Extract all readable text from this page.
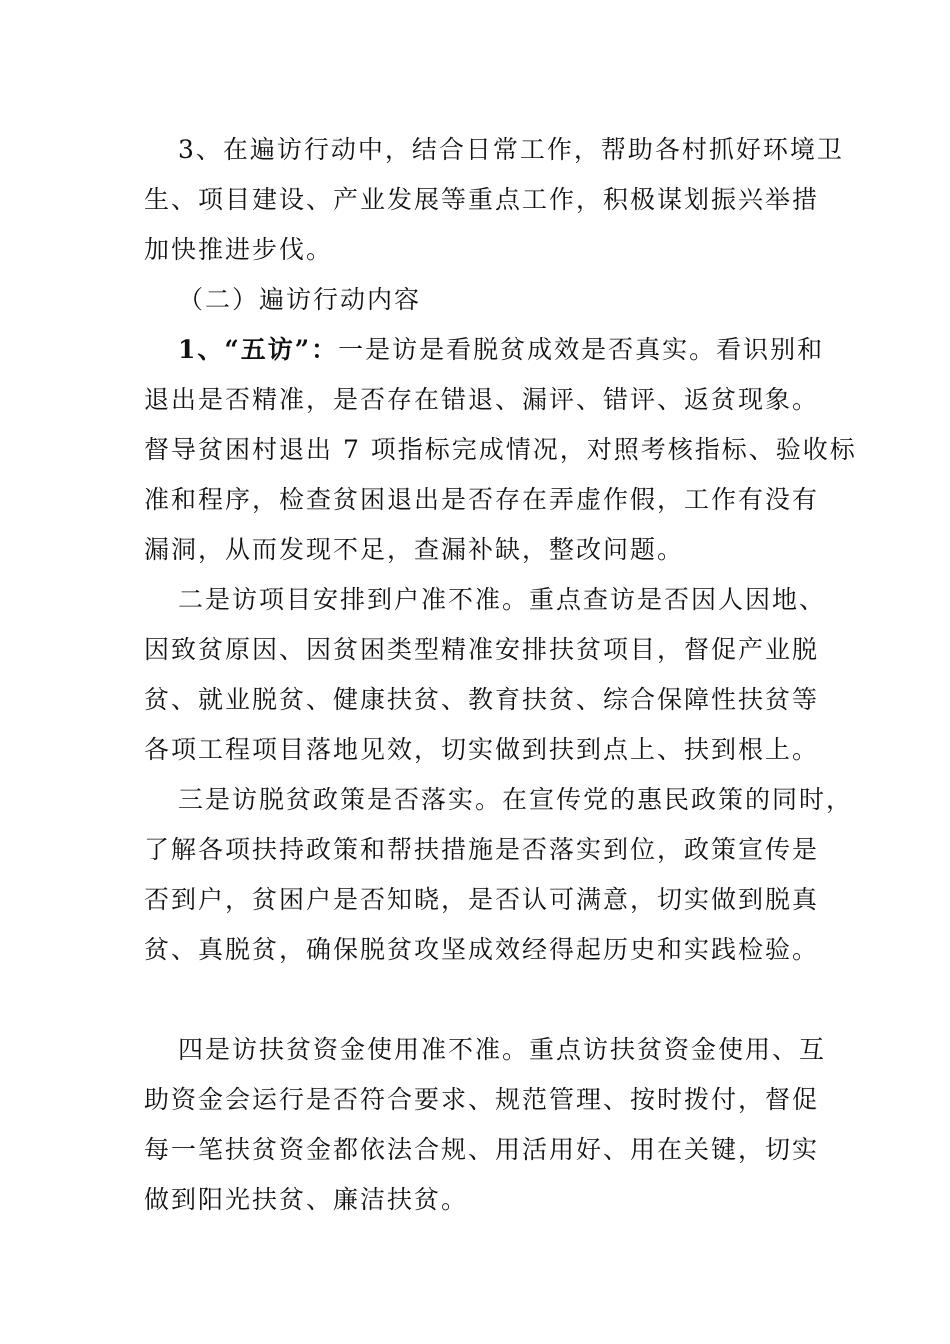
3、在遍访行动中，结合日常工作，帮助各村抓好环境卫
生、项目建设、产业发展等重点工作，积极谋划振兴举措
加快推进步伐。
（二）遍访行动内容
1、“五访”：一是访是看脱贫成效是否真实。看识别和
退出是否精准，是否存在错退、漏评、错评、返贫现象。
督导贫困村退出 7 项指标完成情况，对照考核指标、验收标
准和程序，检查贫困退出是否存在弄虚作假，工作有没有
漏洞，从而发现不足，查漏补缺，整改问题。
二是访项目安排到户准不准。重点查访是否因人因地、
因致贫原因、因贫困类型精准安排扶贫项目，督促产业脱
贫、就业脱贫、健康扶贫、教育扶贫、综合保障性扶贫等
各项工程项目落地见效，切实做到扶到点上、扶到根上。
三是访脱贫政策是否落实。在宣传党的惠民政策的同时，
了解各项扶持政策和帮扶措施是否落实到位，政策宣传是
否到户，贫困户是否知晓，是否认可满意，切实做到脱真
贫、真脱贫，确保脱贫攻坚成效经得起历史和实践检验。
四是访扶贫资金使用准不准。重点访扶贫资金使用、互
助资金会运行是否符合要求、规范管理、按时拨付，督促
每一笔扶贫资金都依法合规、用活用好、用在关键，切实
做到阳光扶贫、廉洁扶贫。
